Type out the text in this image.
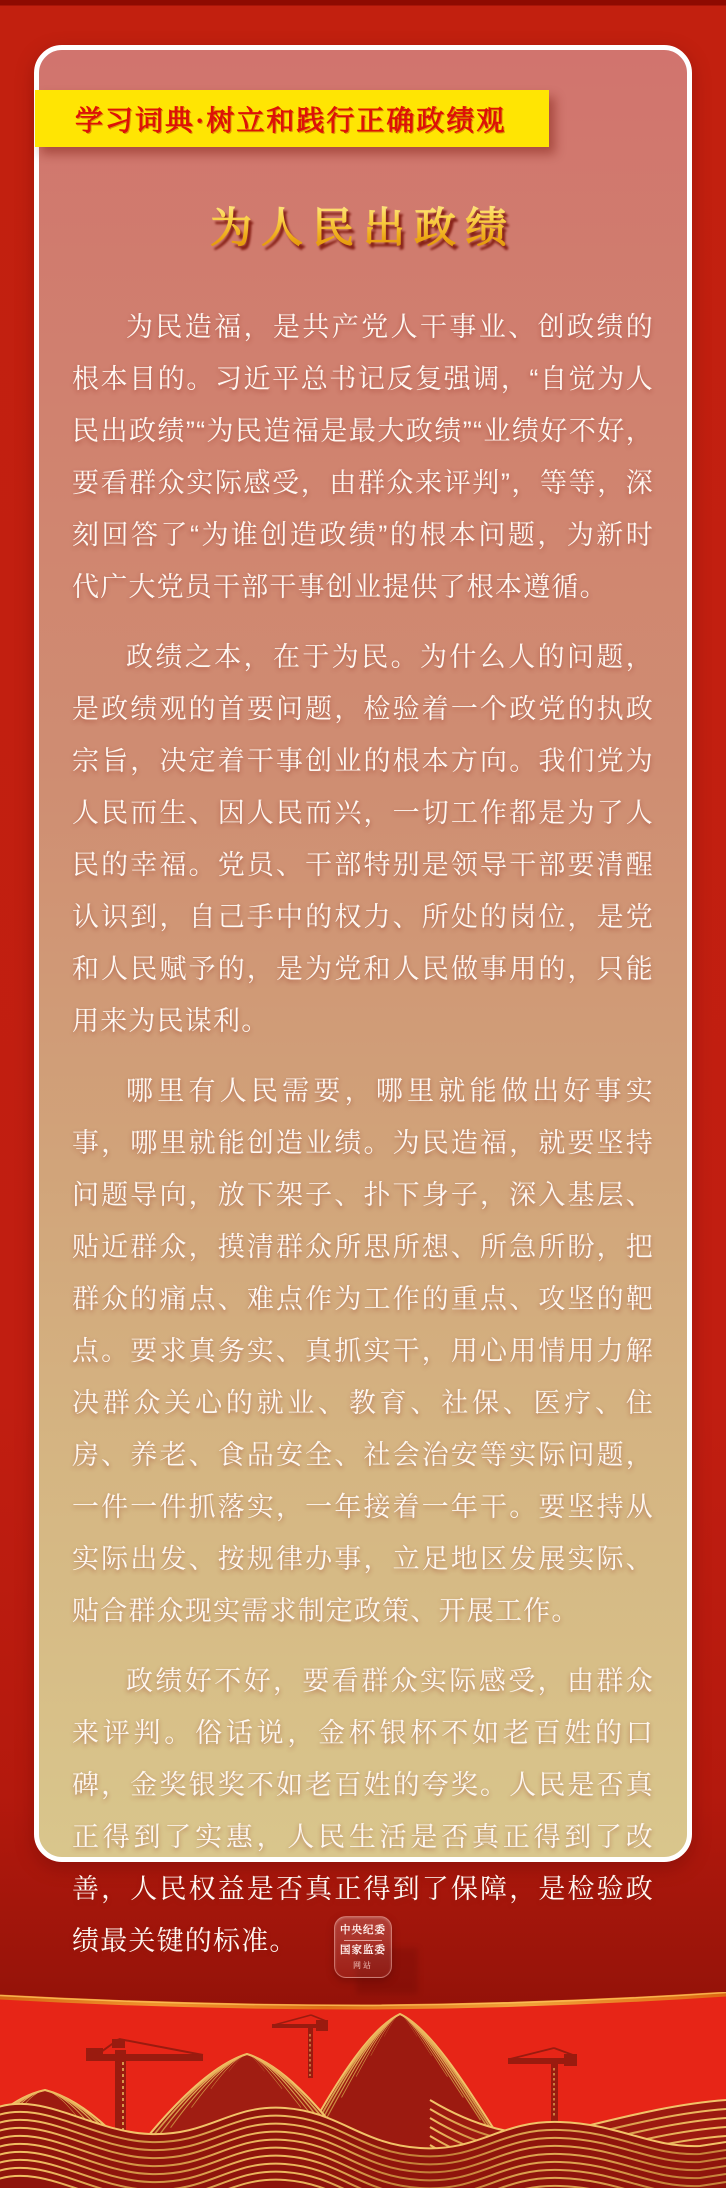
学习词典·树立和践行正确政绩观
为人民出政绩

为民造福，是共产党人干事业、创政绩的根本目的。习近平总书记反复强调，“自觉为人民出政绩”“为民造福是最大政绩”“业绩好不好，要看群众实际感受，由群众来评判”，等等，深刻回答了“为谁创造政绩”的根本问题，为新时代广大党员干部干事创业提供了根本遵循。

政绩之本，在于为民。为什么人的问题，是政绩观的首要问题，检验着一个政党的执政宗旨，决定着干事创业的根本方向。我们党为人民而生、因人民而兴，一切工作都是为了人民的幸福。党员、干部特别是领导干部要清醒认识到，自己手中的权力、所处的岗位，是党和人民赋予的，是为党和人民做事用的，只能用来为民谋利。

哪里有人民需要，哪里就能做出好事实事，哪里就能创造业绩。为民造福，就要坚持问题导向，放下架子、扑下身子，深入基层、贴近群众，摸清群众所思所想、所急所盼，把群众的痛点、难点作为工作的重点、攻坚的靶点。要求真务实、真抓实干，用心用情用力解决群众关心的就业、教育、社保、医疗、住房、养老、食品安全、社会治安等实际问题，一件一件抓落实，一年接着一年干。要坚持从实际出发、按规律办事，立足地区发展实际、贴合群众现实需求制定政策、开展工作。

政绩好不好，要看群众实际感受，由群众来评判。俗话说，金杯银杯不如老百姓的口碑，金奖银奖不如老百姓的夸奖。人民是否真正得到了实惠，人民生活是否真正得到了改善，人民权益是否真正得到了保障，是检验政绩最关键的标准。	中央纪委
国家监委
网站
